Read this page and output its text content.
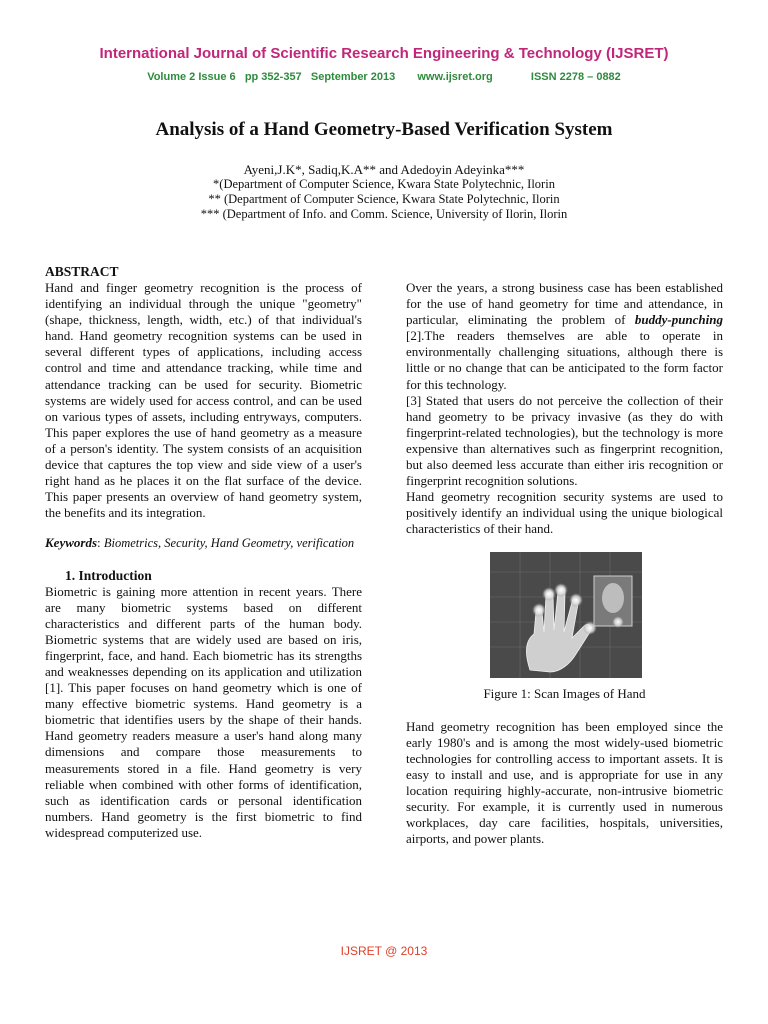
International Journal of Scientific Research Engineering & Technology (IJSRET)
Volume 2 Issue 6 pp 352-357 September 2013 www.ijsret.org	ISSN 2278 – 0882
Analysis of a Hand Geometry-Based Verification System
Ayeni,J.K*, Sadiq,K.A** and Adedoyin Adeyinka***
*(Department of Computer Science, Kwara State Polytechnic, Ilorin
** (Department of Computer Science, Kwara State Polytechnic, Ilorin
*** (Department of Info. and Comm. Science, University of Ilorin, Ilorin
ABSTRACT

Hand and finger geometry recognition is the process of identifying an individual through the unique "geometry" (shape, thickness, length, width, etc.) of that individual's hand. Hand geometry recognition systems can be used in several different types of applications, including access control and time and attendance tracking, while time and attendance tracking can be used for security. Biometric systems are widely used for access control, and can be used on various types of assets, including entryways, computers. This paper explores the use of hand geometry as a measure of a person's identity. The system consists of an acquisition device that captures the top view and side view of a user's right hand as he places it on the flat surface of the device. This paper presents an overview of hand geometry system, the benefits and its integration.

Keywords: Biometrics, Security, Hand Geometry, verification

1. Introduction

Biometric is gaining more attention in recent years. There are many biometric systems based on different characteristics and different parts of the human body. Biometric systems that are widely used are based on iris, fingerprint, face, and hand. Each biometric has its strengths and weaknesses depending on its application and utilization [1]. This paper focuses on hand geometry which is one of many effective biometric systems. Hand geometry is a biometric that identifies users by the shape of their hands. Hand geometry readers measure a user's hand along many dimensions and compare those measurements to measurements stored in a file. Hand geometry is very reliable when combined with other forms of identification, such as identification cards or personal identification numbers. Hand geometry is the first biometric to find widespread computerized use.

Over the years, a strong business case has been established for the use of hand geometry for time and attendance, in particular, eliminating the problem of buddy-punching [2].The readers themselves are able to operate in environmentally challenging situations, although there is little or no change that can be anticipated to the form factor for this technology.

[3] Stated that users do not perceive the collection of their hand geometry to be privacy invasive (as they do with fingerprint-related technologies), but the technology is more expensive than alternatives such as fingerprint recognition, but also deemed less accurate than either iris recognition or fingerprint recognition solutions.

Hand geometry recognition security systems are used to positively identify an individual using the unique biological characteristics of their hand.

Figure 1: Scan Images of Hand

Hand geometry recognition has been employed since the early 1980's and is among the most widely-used biometric technologies for controlling access to important assets. It is easy to install and use, and is appropriate for use in any location requiring highly-accurate, non-intrusive biometric security. For example, it is currently used in numerous workplaces, day care facilities, hospitals, universities, airports, and power plants.

IJSRET @ 2013
